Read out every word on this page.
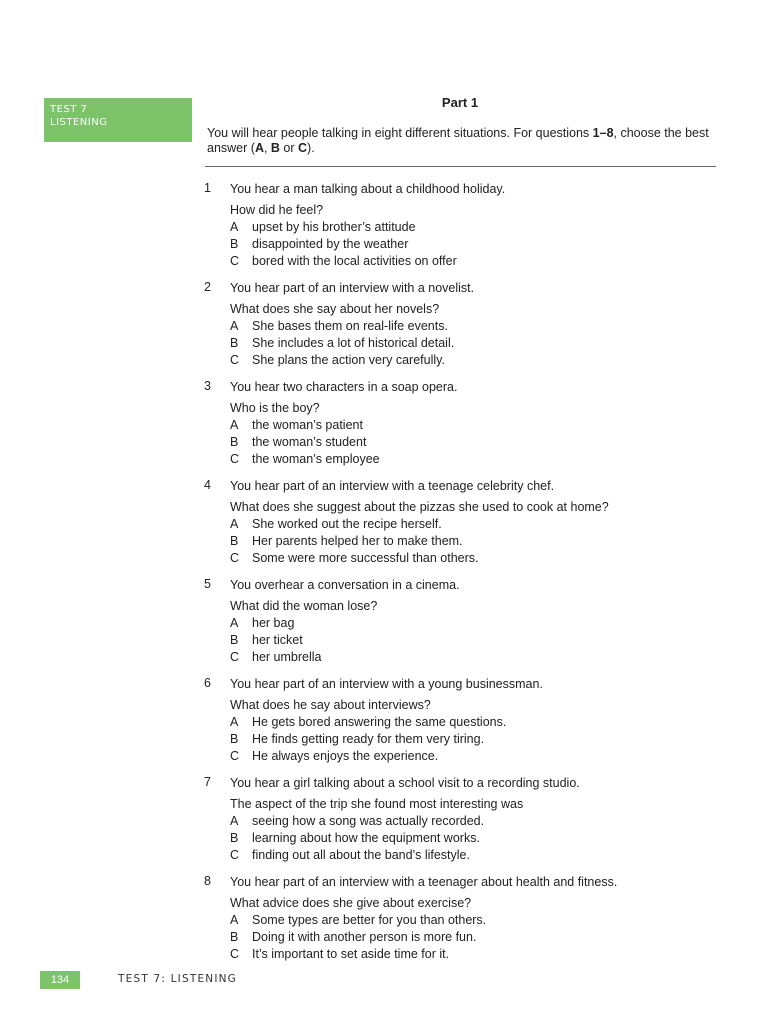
TEST 7
LISTENING
Part 1
You will hear people talking in eight different situations. For questions 1–8, choose the best answer (A, B or C).
1	You hear a man talking about a childhood holiday.
How did he feel?
A upset by his brother’s attitude
B disappointed by the weather
C bored with the local activities on offer
2	You hear part of an interview with a novelist.
What does she say about her novels?
A She bases them on real-life events.
B She includes a lot of historical detail.
C She plans the action very carefully.
3	You hear two characters in a soap opera.
Who is the boy?
A the woman’s patient
B the woman’s student
C the woman’s employee
4	You hear part of an interview with a teenage celebrity chef.
What does she suggest about the pizzas she used to cook at home?
A She worked out the recipe herself.
B Her parents helped her to make them.
C Some were more successful than others.
5	You overhear a conversation in a cinema.
What did the woman lose?
A her bag
B her ticket
C her umbrella
6	You hear part of an interview with a young businessman.
What does he say about interviews?
A He gets bored answering the same questions.
B He finds getting ready for them very tiring.
C He always enjoys the experience.
7	You hear a girl talking about a school visit to a recording studio.
The aspect of the trip she found most interesting was
A seeing how a song was actually recorded.
B learning about how the equipment works.
C finding out all about the band’s lifestyle.
8	You hear part of an interview with a teenager about health and fitness.
What advice does she give about exercise?
A Some types are better for you than others.
B Doing it with another person is more fun.
C It’s important to set aside time for it.
134	TEST 7: LISTENING
